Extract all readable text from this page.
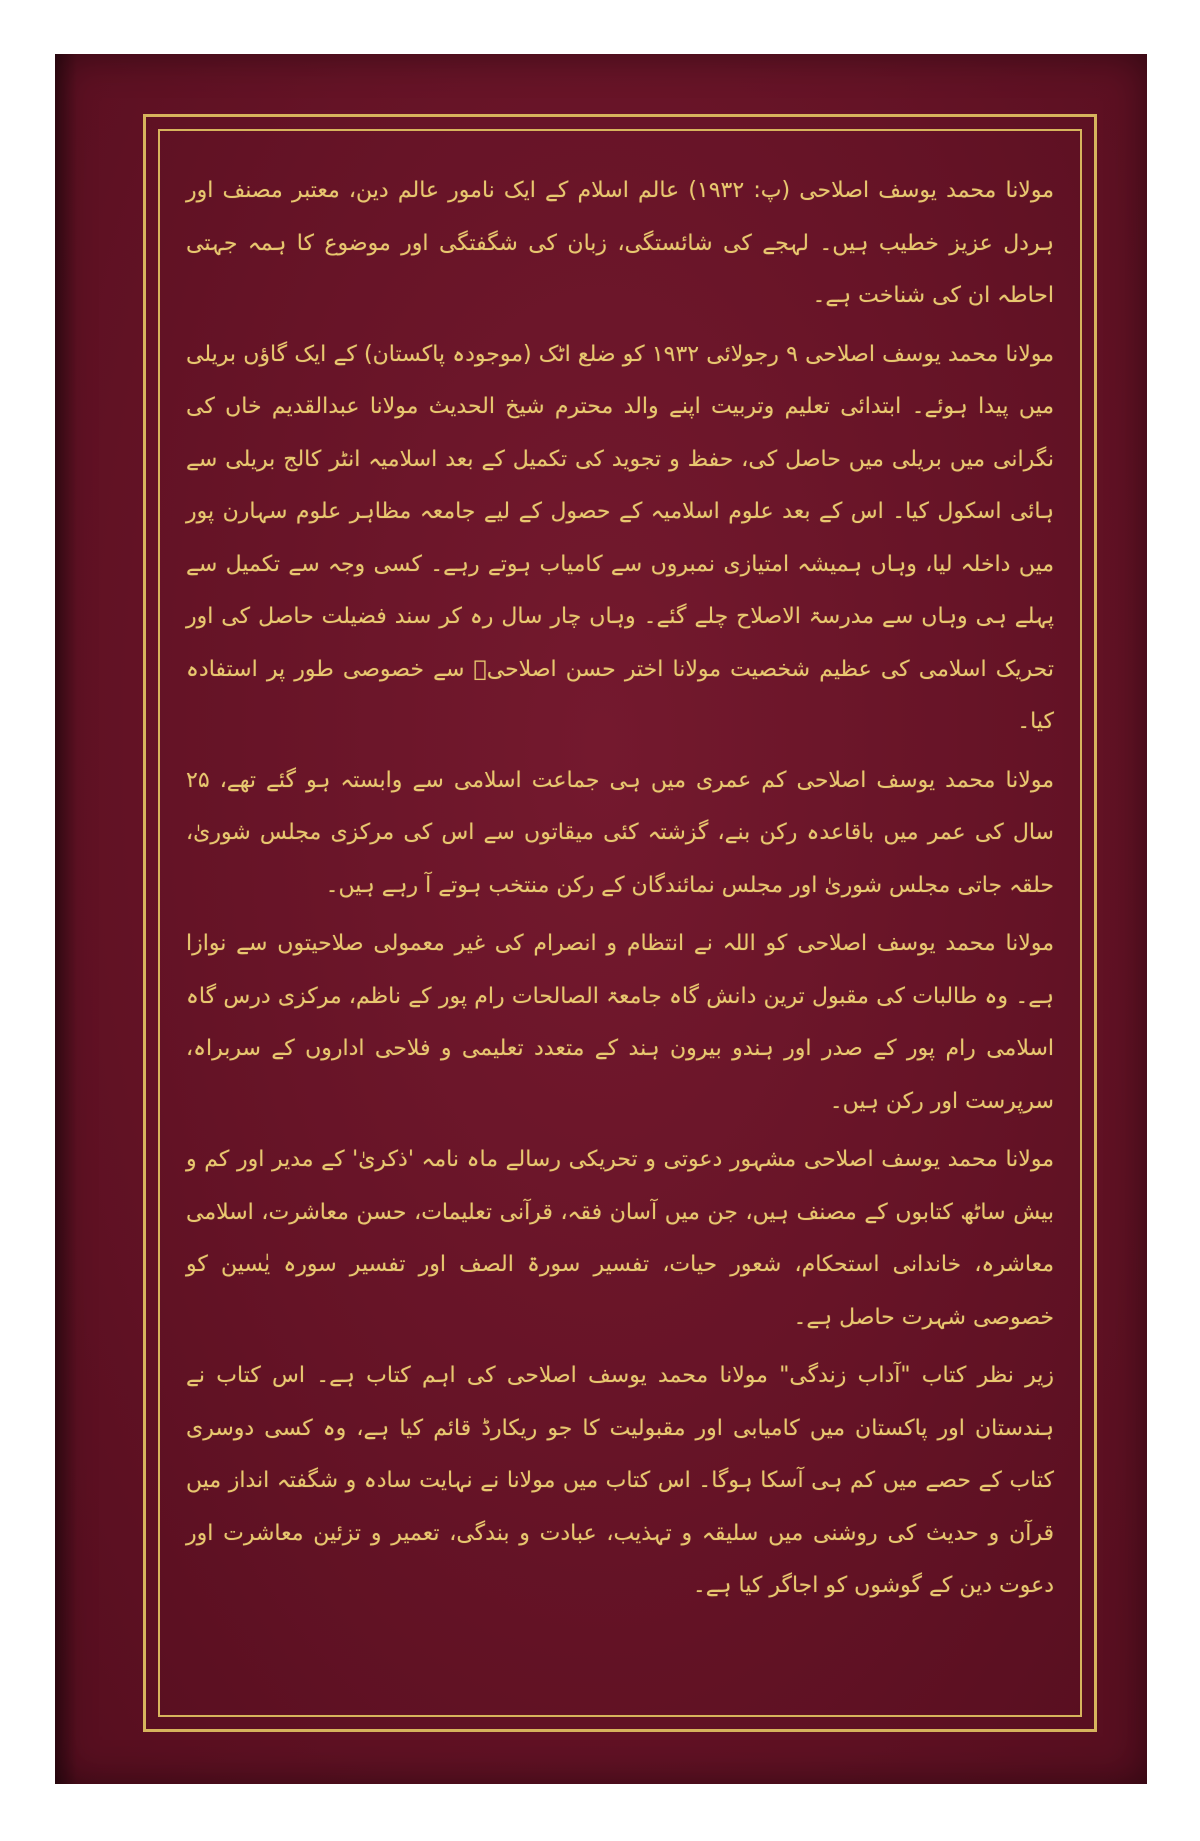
مولانا محمد یوسف اصلاحی (پ: ۱۹۳۲) عالم اسلام کے ایک نامور عالم دین، معتبر مصنف اور ہردل عزیز خطیب ہیں۔ لہجے کی شائستگی، زبان کی شگفتگی اور موضوع کا ہمہ جہتی احاطہ ان کی شناخت ہے۔

مولانا محمد یوسف اصلاحی ۹ رجولائی ۱۹۳۲ کو ضلع اٹک (موجودہ پاکستان) کے ایک گاؤں بریلی میں پیدا ہوئے۔ ابتدائی تعلیم وتربیت اپنے والد محترم شیخ الحدیث مولانا عبدالقدیم خاں کی نگرانی میں بریلی میں حاصل کی، حفظ و تجوید کی تکمیل کے بعد اسلامیہ انٹر کالج بریلی سے ہائی اسکول کیا۔ اس کے بعد علوم اسلامیہ کے حصول کے لیے جامعہ مظاہر علوم سہارن پور میں داخلہ لیا، وہاں ہمیشہ امتیازی نمبروں سے کامیاب ہوتے رہے۔ کسی وجہ سے تکمیل سے پہلے ہی وہاں سے مدرسۃ الاصلاح چلے گئے۔ وہاں چار سال رہ کر سند فضیلت حاصل کی اور تحریک اسلامی کی عظیم شخصیت مولانا اختر حسن اصلاحیؒ سے خصوصی طور پر استفادہ کیا۔

مولانا محمد یوسف اصلاحی کم عمری میں ہی جماعت اسلامی سے وابستہ ہو گئے تھے، ۲۵ سال کی عمر میں باقاعدہ رکن بنے، گزشتہ کئی میقاتوں سے اس کی مرکزی مجلس شوریٰ، حلقہ جاتی مجلس شوریٰ اور مجلس نمائندگان کے رکن منتخب ہوتے آ رہے ہیں۔

مولانا محمد یوسف اصلاحی کو اللہ نے انتظام و انصرام کی غیر معمولی صلاحیتوں سے نوازا ہے۔ وہ طالبات کی مقبول ترین دانش گاہ جامعۃ الصالحات رام پور کے ناظم، مرکزی درس گاہ اسلامی رام پور کے صدر اور ہندو بیرون ہند کے متعدد تعلیمی و فلاحی اداروں کے سربراہ، سرپرست اور رکن ہیں۔

مولانا محمد یوسف اصلاحی مشہور دعوتی و تحریکی رسالے ماہ نامہ 'ذکریٰ' کے مدیر اور کم و بیش ساٹھ کتابوں کے مصنف ہیں، جن میں آسان فقہ، قرآنی تعلیمات، حسن معاشرت، اسلامی معاشرہ، خاندانی استحکام، شعور حیات، تفسیر سورۃ الصف اور تفسیر سورہ یٰسین کو خصوصی شہرت حاصل ہے۔

زیر نظر کتاب "آداب زندگی" مولانا محمد یوسف اصلاحی کی اہم کتاب ہے۔ اس کتاب نے ہندستان اور پاکستان میں کامیابی اور مقبولیت کا جو ریکارڈ قائم کیا ہے، وہ کسی دوسری کتاب کے حصے میں کم ہی آسکا ہوگا۔ اس کتاب میں مولانا نے نہایت سادہ و شگفتہ انداز میں قرآن و حدیث کی روشنی میں سلیقہ و تہذیب، عبادت و بندگی، تعمیر و تزئین معاشرت اور دعوت دین کے گوشوں کو اجاگر کیا ہے۔
